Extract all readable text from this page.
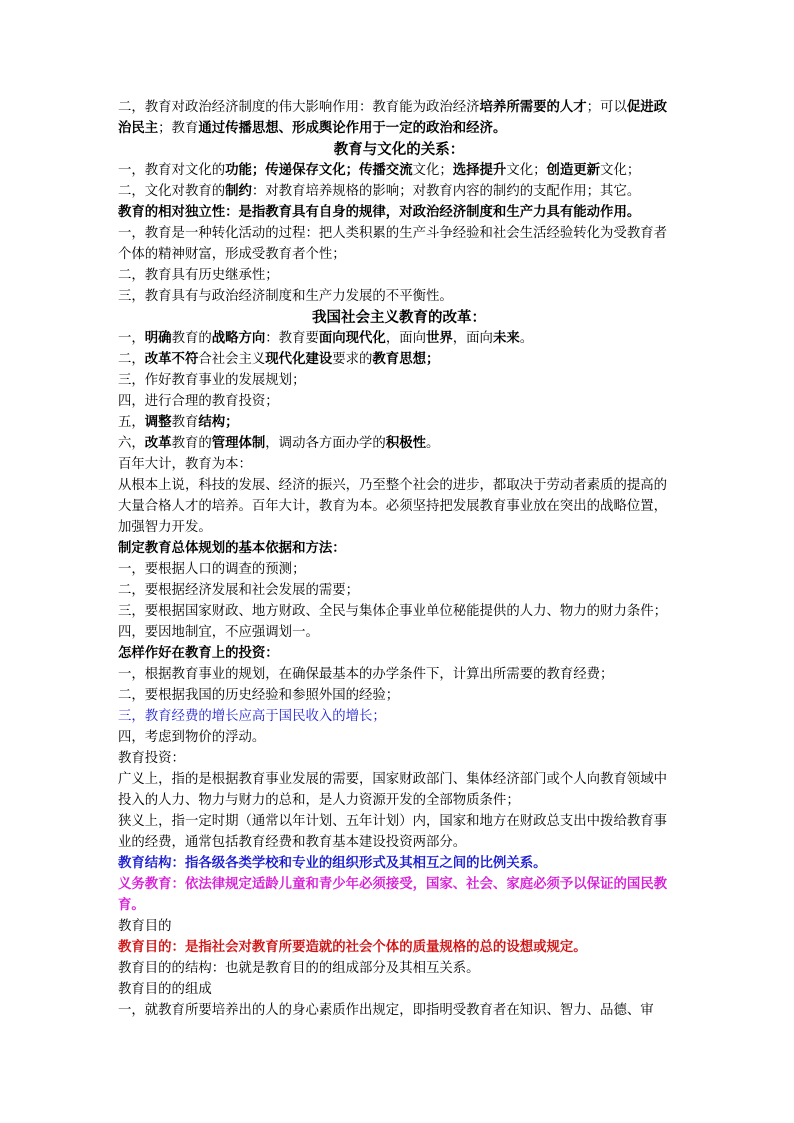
二，教育对政治经济制度的伟大影响作用：教育能为政治经济培养所需要的人才；可以促进政治民主；教育通过传播思想、形成舆论作用于一定的政治和经济。
教育与文化的关系：
一，教育对文化的功能；传递保存文化；传播交流文化；选择提升文化；创造更新文化；
二，文化对教育的制约：对教育培养规格的影响；对教育内容的制约的支配作用；其它。
教育的相对独立性：是指教育具有自身的规律，对政治经济制度和生产力具有能动作用。
一，教育是一种转化活动的过程：把人类积累的生产斗争经验和社会生活经验转化为受教育者个体的精神财富，形成受教育者个性；
二，教育具有历史继承性；
三，教育具有与政治经济制度和生产力发展的不平衡性。
我国社会主义教育的改革：
一，明确教育的战略方向：教育要面向现代化，面向世界，面向未来。
二，改革不符合社会主义现代化建设要求的教育思想；
三，作好教育事业的发展规划；
四，进行合理的教育投资；
五，调整教育结构；
六，改革教育的管理体制，调动各方面办学的积极性。
百年大计，教育为本：
从根本上说，科技的发展、经济的振兴，乃至整个社会的进步，都取决于劳动者素质的提高的大量合格人才的培养。百年大计，教育为本。必须坚持把发展教育事业放在突出的战略位置，加强智力开发。
制定教育总体规划的基本依据和方法：
一，要根据人口的调查的预测；
二，要根据经济发展和社会发展的需要；
三，要根据国家财政、地方财政、全民与集体企事业单位秘能提供的人力、物力的财力条件；
四，要因地制宜，不应强调划一。
怎样作好在教育上的投资：
一，根据教育事业的规划，在确保最基本的办学条件下，计算出所需要的教育经费；
二，要根据我国的历史经验和参照外国的经验；
三，教育经费的增长应高于国民收入的增长；
四，考虑到物价的浮动。
教育投资：
广义上，指的是根据教育事业发展的需要，国家财政部门、集体经济部门或个人向教育领域中投入的人力、物力与财力的总和，是人力资源开发的全部物质条件；
狭义上，指一定时期（通常以年计划、五年计划）内，国家和地方在财政总支出中拨给教育事业的经费，通常包括教育经费和教育基本建设投资两部分。
教育结构：指各级各类学校和专业的组织形式及其相互之间的比例关系。
义务教育：依法律规定适龄儿童和青少年必须接受，国家、社会、家庭必须予以保证的国民教育。
教育目的
教育目的：是指社会对教育所要造就的社会个体的质量规格的总的设想或规定。
教育目的的结构：也就是教育目的的组成部分及其相互关系。
教育目的的组成
一，就教育所要培养出的人的身心素质作出规定，即指明受教育者在知识、智力、品德、审
